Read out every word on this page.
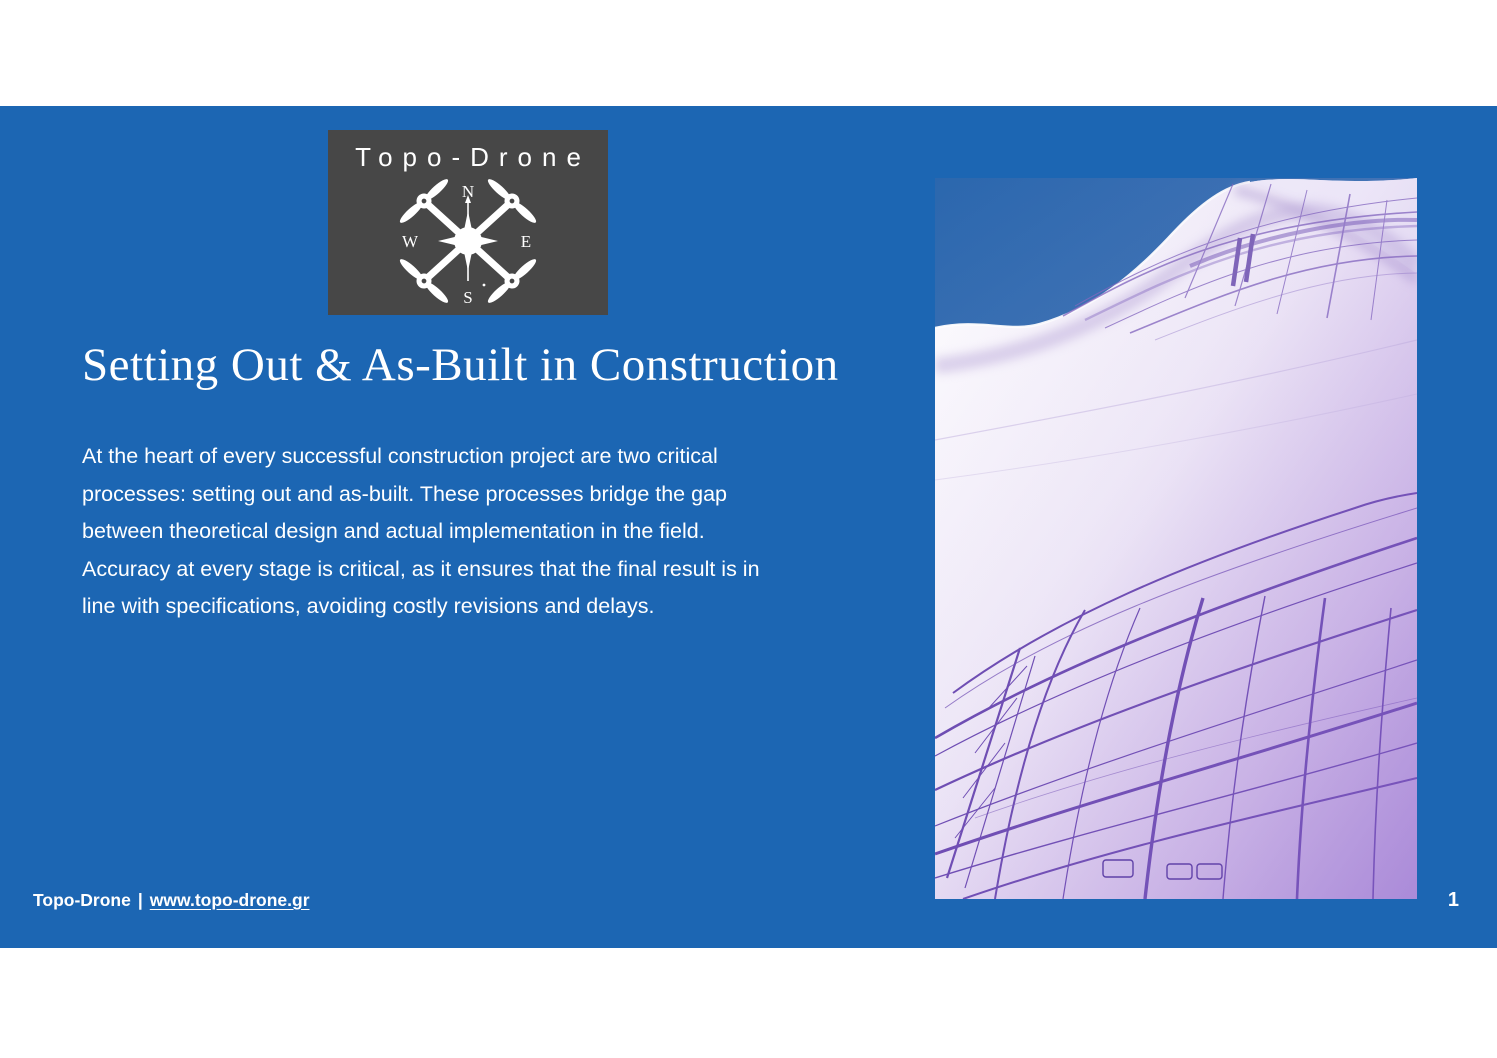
Topo-Drone
N
E
S
W
Setting Out & As-Built in Construction
At the heart of every successful construction project are two critical
processes: setting out and as-built. These processes bridge the gap
between theoretical design and actual implementation in the field.
Accuracy at every stage is critical, as it ensures that the final result is in
line with specifications, avoiding costly revisions and delays.
Topo-Drone | www.topo-drone.gr	1
